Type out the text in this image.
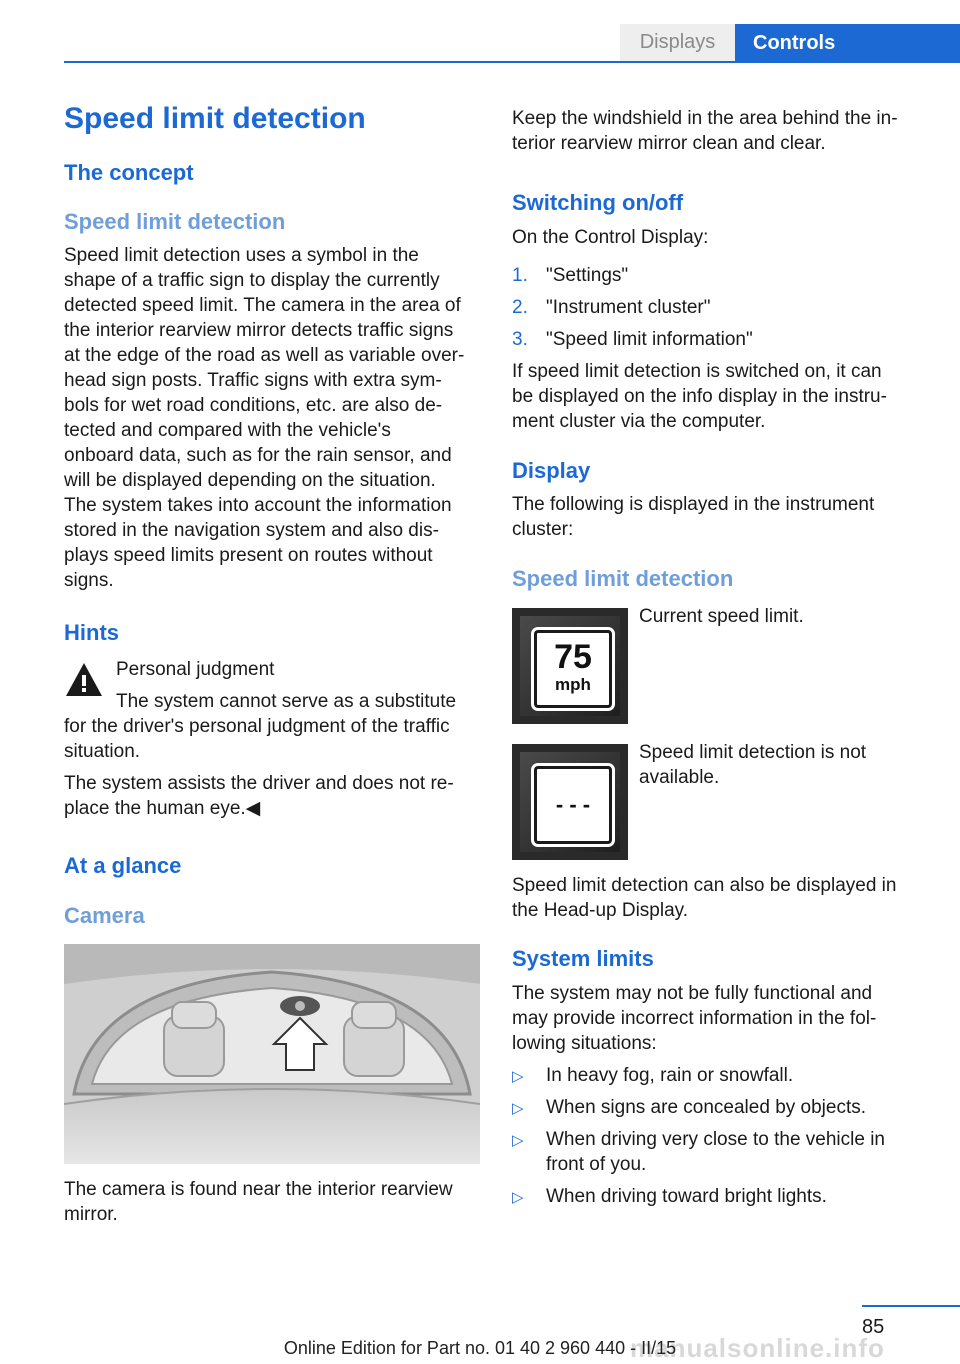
Displays	Controls
Speed limit detection
The concept
Speed limit detection
Speed limit detection uses a symbol in the
shape of a traffic sign to display the currently
detected speed limit. The camera in the area of
the interior rearview mirror detects traffic signs
at the edge of the road as well as variable over‐
head sign posts. Traffic signs with extra sym‐
bols for wet road conditions, etc. are also de‐
tected and compared with the vehicle's
onboard data, such as for the rain sensor, and
will be displayed depending on the situation.
The system takes into account the information
stored in the navigation system and also dis‐
plays speed limits present on routes without
signs.
Hints
Personal judgment
The system cannot serve as a substitute
for the driver's personal judgment of the traffic
situation.
The system assists the driver and does not re‐
place the human eye.◀
At a glance
Camera
The camera is found near the interior rearview
mirror.
Keep the windshield in the area behind the in‐
terior rearview mirror clean and clear.
Switching on/off
On the Control Display:
1. "Settings"
2. "Instrument cluster"
3. "Speed limit information"
If speed limit detection is switched on, it can
be displayed on the info display in the instru‐
ment cluster via the computer.
Display
The following is displayed in the instrument
cluster:
Speed limit detection
75
mph
Current speed limit.
- - -
Speed limit detection is not
available.
Speed limit detection can also be displayed in
the Head-up Display.
System limits
The system may not be fully functional and
may provide incorrect information in the fol‐
lowing situations:
▷ In heavy fog, rain or snowfall.
▷ When signs are concealed by objects.
▷ When driving very close to the vehicle in
front of you.
▷ When driving toward bright lights.
85
manualsonline.info
Online Edition for Part no. 01 40 2 960 440 - II/15
